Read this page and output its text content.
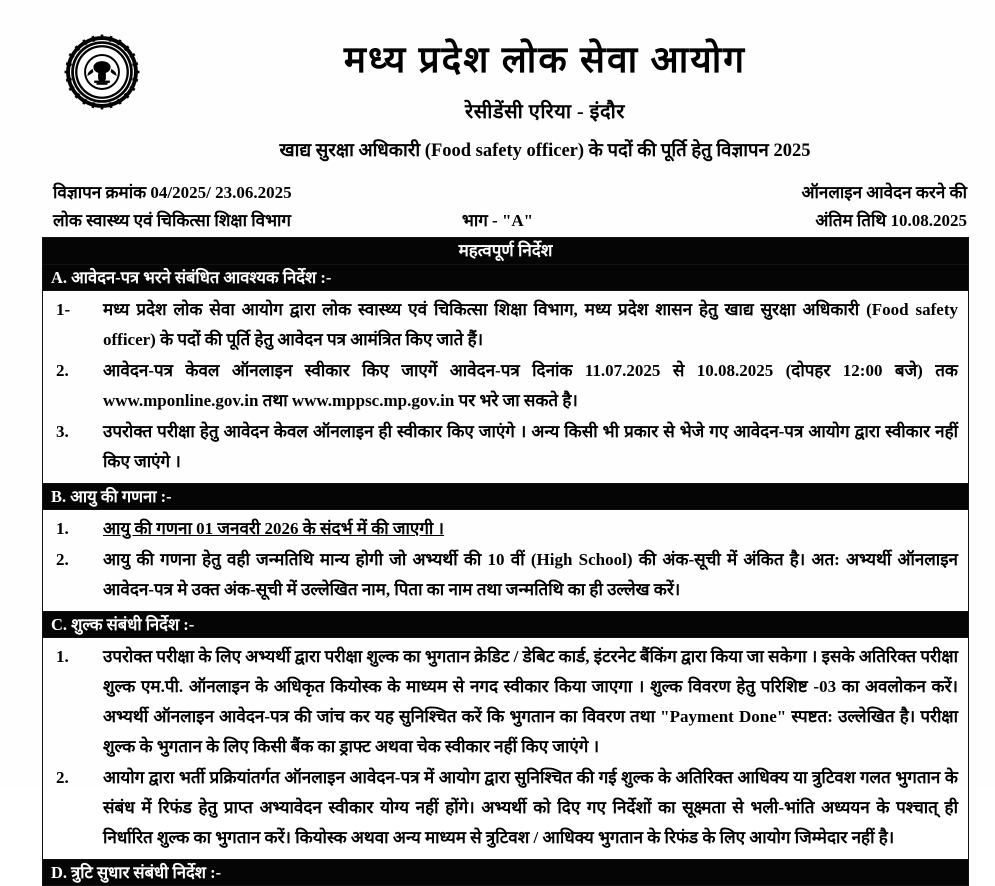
मध्य प्रदेश लोक सेवा आयोग
रेसीडेंसी एरिया - इंदौर
खाद्य सुरक्षा अधिकारी (Food safety officer) के पदों की पूर्ति हेतु विज्ञापन 2025
विज्ञापन क्रमांक 04/2025/ 23.06.2025	ऑनलाइन आवेदन करने की
लोक स्वास्थ्य एवं चिकित्सा शिक्षा विभाग	भाग - "A"	अंतिम तिथि 10.08.2025
महत्वपूर्ण निर्देश
A. आवेदन-पत्र भरने संबंधित आवश्यक निर्देश :-
1-	मध्य प्रदेश लोक सेवा आयोग द्वारा लोक स्वास्थ्य एवं चिकित्सा शिक्षा विभाग, मध्य प्रदेश शासन हेतु खाद्य सुरक्षा अधिकारी (Food safety officer) के पदों की पूर्ति हेतु आवेदन पत्र आमंत्रित किए जाते हैं।
2.	आवेदन-पत्र केवल ऑनलाइन स्वीकार किए जाएगें आवेदन-पत्र दिनांक 11.07.2025 से 10.08.2025 (दोपहर 12:00 बजे) तक www.mponline.gov.in तथा www.mppsc.mp.gov.in पर भरे जा सकते है।
3.	उपरोक्त परीक्षा हेतु आवेदन केवल ऑनलाइन ही स्वीकार किए जाएंगे । अन्य किसी भी प्रकार से भेजे गए आवेदन-पत्र आयोग द्वारा स्वीकार नहीं किए जाएंगे ।
B. आयु की गणना :-
1.	आयु की गणना 01 जनवरी 2026 के संदर्भ में की जाएगी ।
2.	आयु की गणना हेतु वही जन्मतिथि मान्य होगी जो अभ्यर्थी की 10 वीं (High School) की अंक-सूची में अंकित है। अत: अभ्यर्थी ऑनलाइन आवेदन-पत्र मे उक्त अंक-सूची में उल्लेखित नाम, पिता का नाम तथा जन्मतिथि का ही उल्लेख करें।
C. शुल्क संबंधी निर्देश :-
1.	उपरोक्त परीक्षा के लिए अभ्यर्थी द्वारा परीक्षा शुल्क का भुगतान क्रेडिट / डेबिट कार्ड, इंटरनेट बैंकिंग द्वारा किया जा सकेगा । इसके अतिरिक्त परीक्षा शुल्क एम.पी. ऑनलाइन के अधिकृत कियोस्क के माध्यम से नगद स्वीकार किया जाएगा । शुल्क विवरण हेतु परिशिष्ट -03 का अवलोकन करें। अभ्यर्थी ऑनलाइन आवेदन-पत्र की जांच कर यह सुनिश्चित करें कि भुगतान का विवरण तथा "Payment Done" स्पष्टत: उल्लेखित है। परीक्षा शुल्क के भुगतान के लिए किसी बैंक का ड्राफ्ट अथवा चेक स्वीकार नहीं किए जाएंगे ।
2.	आयोग द्वारा भर्ती प्रक्रियांतर्गत ऑनलाइन आवेदन-पत्र में आयोग द्वारा सुनिश्चित की गई शुल्क के अतिरिक्त आधिक्य या त्रुटिवश गलत भुगतान के संबंध में रिफंड हेतु प्राप्त अभ्यावेदन स्वीकार योग्य नहीं होंगे। अभ्यर्थी को दिए गए निर्देशों का सूक्ष्मता से भली-भांति अध्ययन के पश्चात् ही निर्धारित शुल्क का भुगतान करें। कियोस्क अथवा अन्य माध्यम से त्रुटिवश / आधिक्य भुगतान के रिफंड के लिए आयोग जिम्मेदार नहीं है।
D. त्रुटि सुधार संबंधी निर्देश :-
